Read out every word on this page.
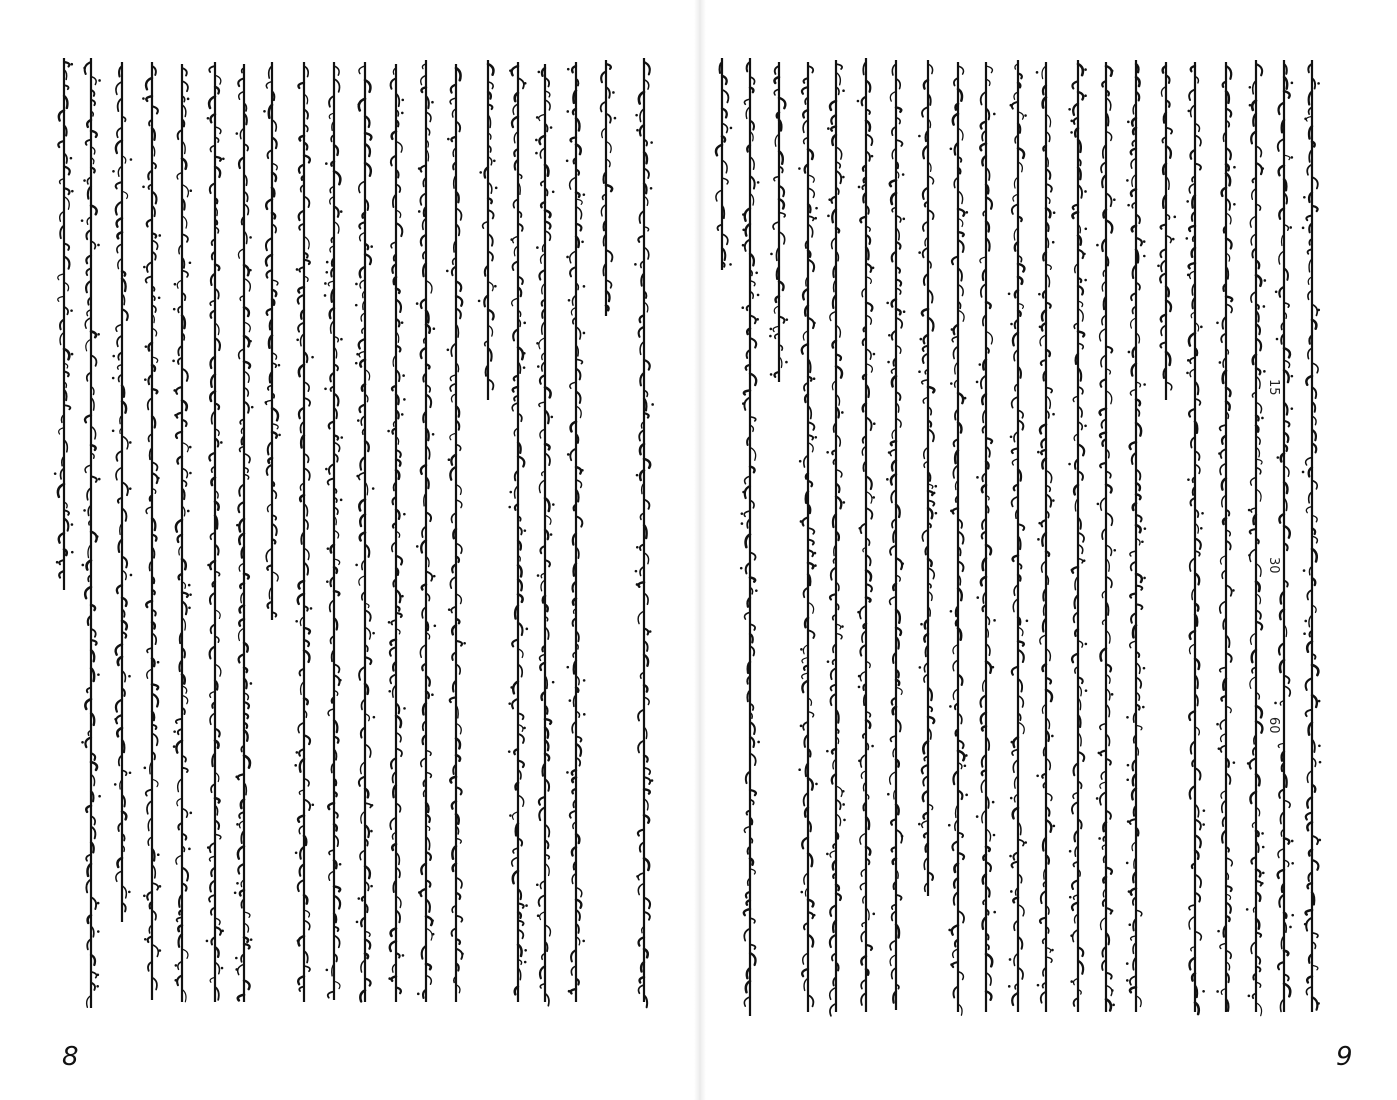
15
30
60
8	9
